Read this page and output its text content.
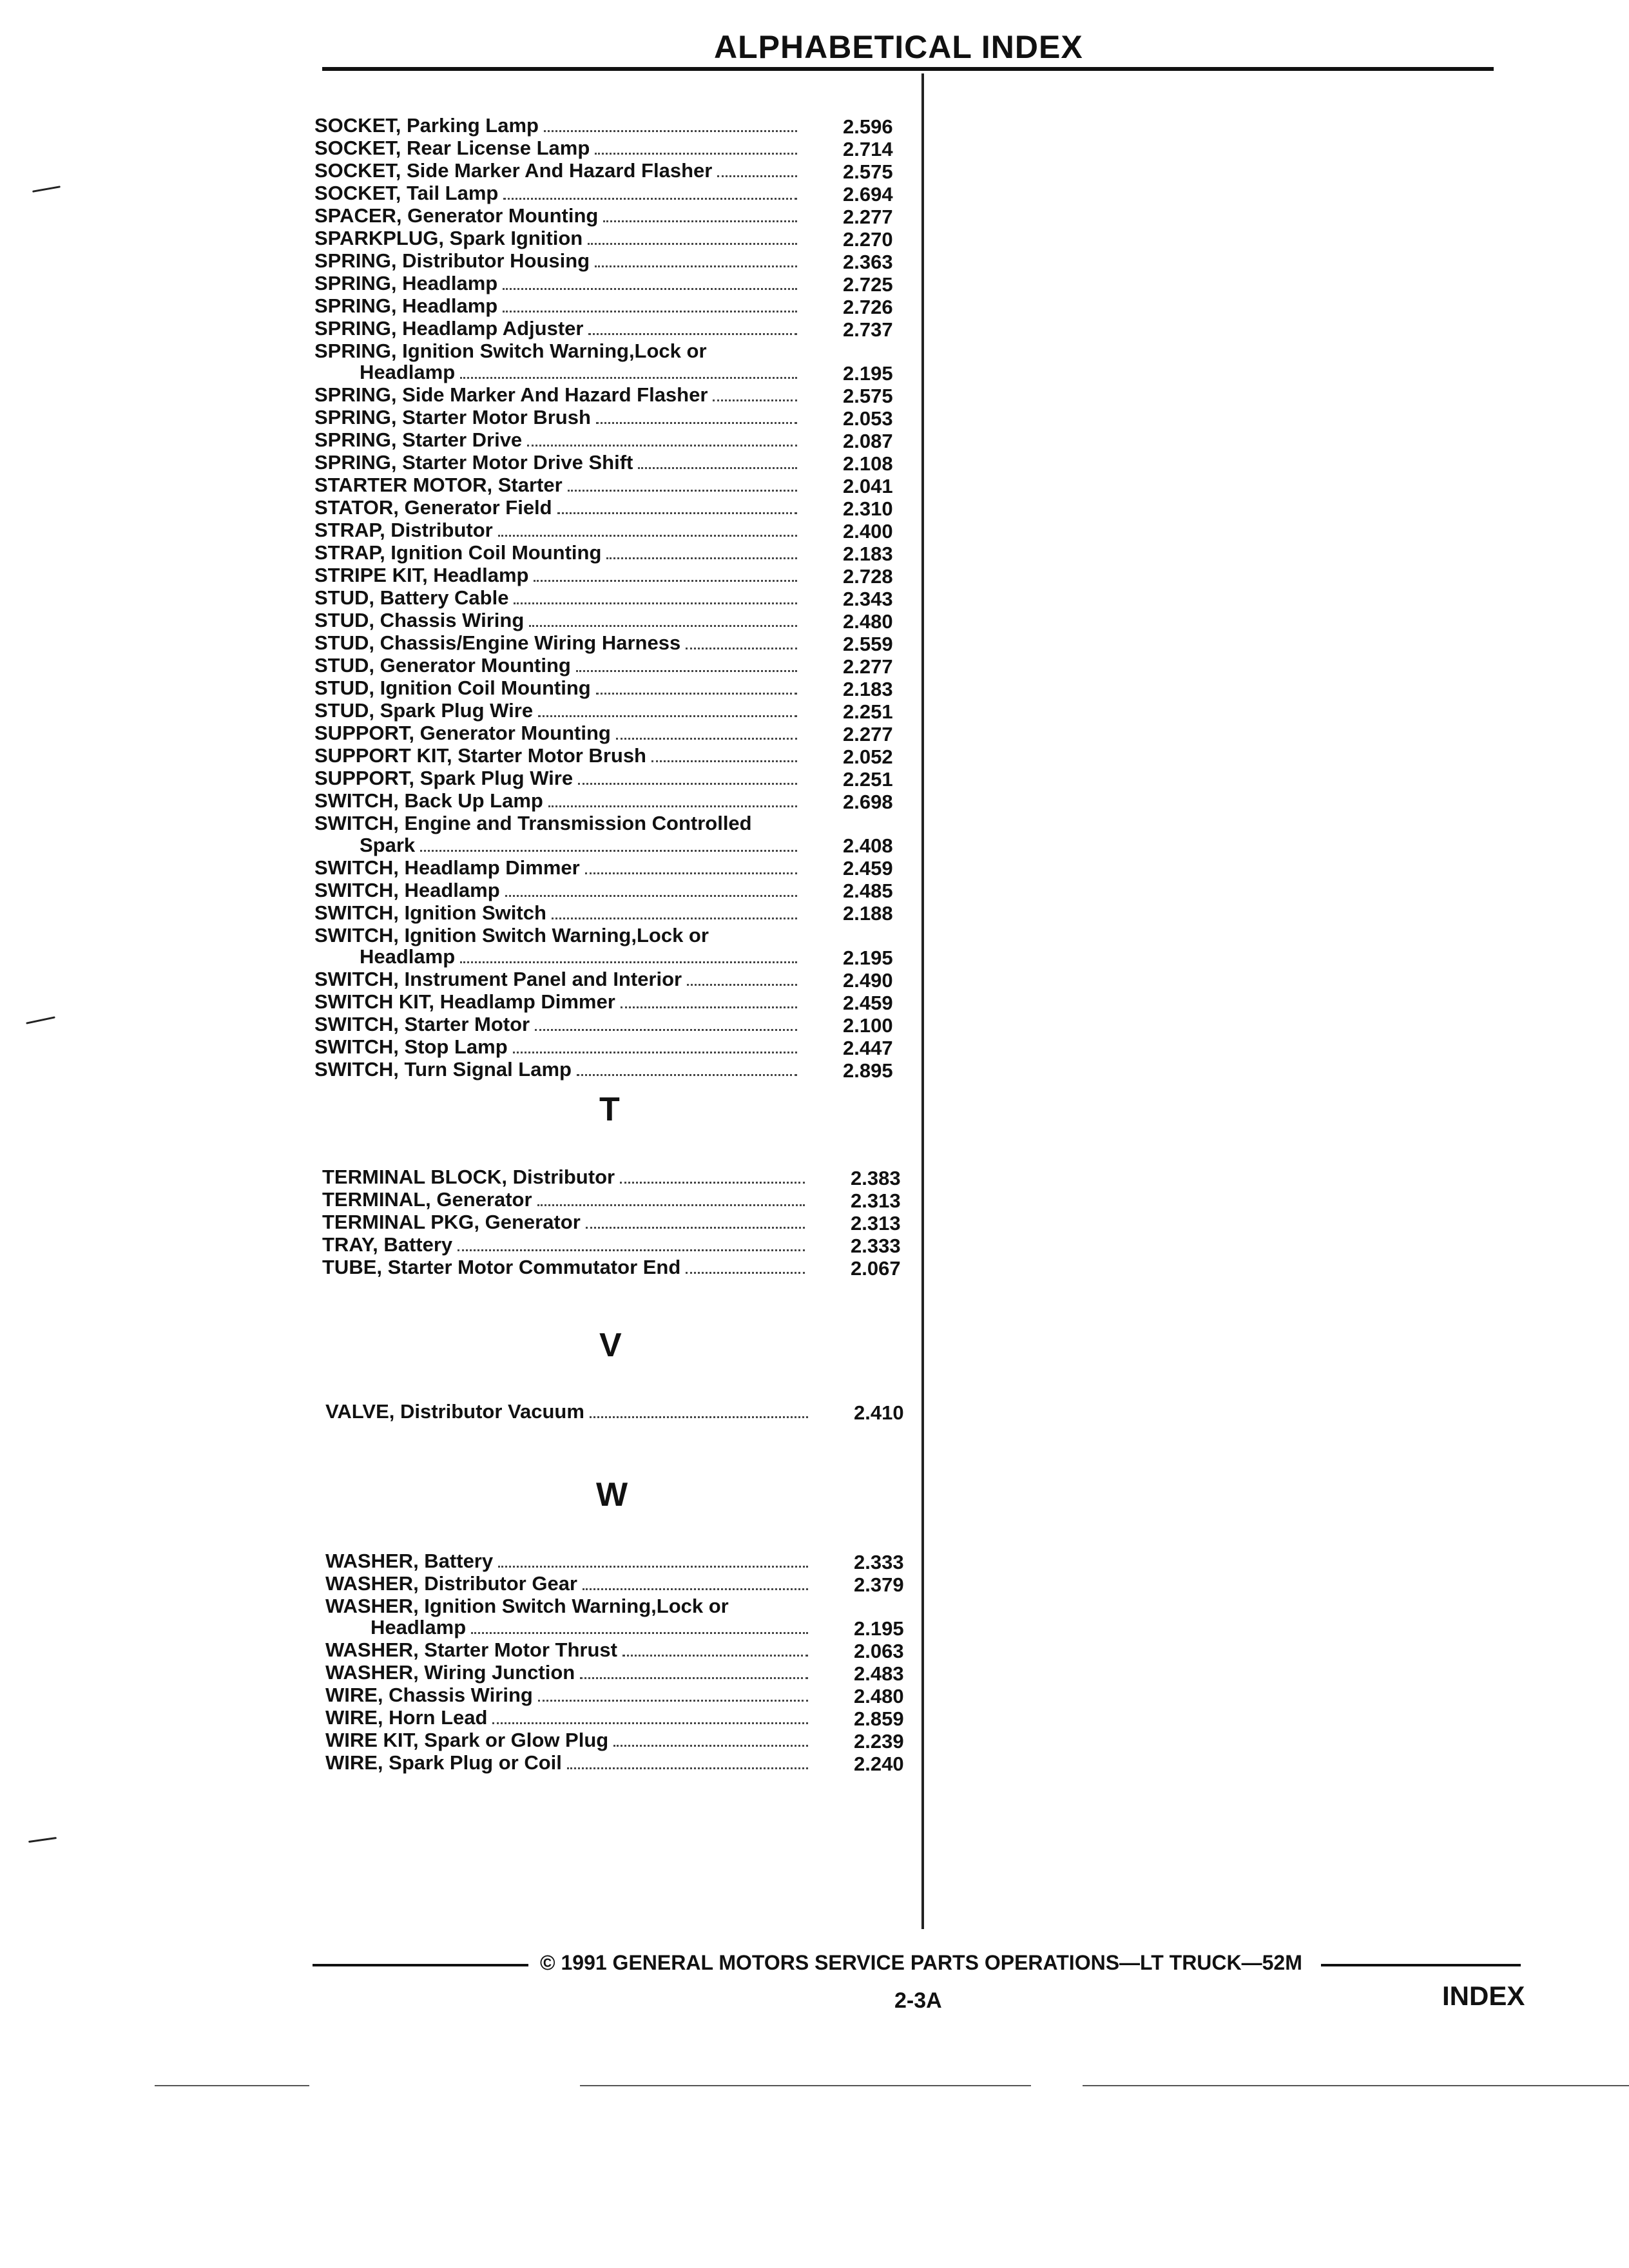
ALPHABETICAL INDEX
SOCKET, Parking Lamp	2.596
SOCKET, Rear License Lamp	2.714
SOCKET, Side Marker And Hazard Flasher	2.575
SOCKET, Tail Lamp	2.694
SPACER, Generator Mounting	2.277
SPARKPLUG, Spark Ignition	2.270
SPRING, Distributor Housing	2.363
SPRING, Headlamp	2.725
SPRING, Headlamp	2.726
SPRING, Headlamp Adjuster	2.737
SPRING, Ignition Switch Warning,Lock or
Headlamp	2.195
SPRING, Side Marker And Hazard Flasher	2.575
SPRING, Starter Motor Brush	2.053
SPRING, Starter Drive	2.087
SPRING, Starter Motor Drive Shift	2.108
STARTER MOTOR, Starter	2.041
STATOR, Generator Field	2.310
STRAP, Distributor	2.400
STRAP, Ignition Coil Mounting	2.183
STRIPE KIT, Headlamp	2.728
STUD, Battery Cable	2.343
STUD, Chassis Wiring	2.480
STUD, Chassis/Engine Wiring Harness	2.559
STUD, Generator Mounting	2.277
STUD, Ignition Coil Mounting	2.183
STUD, Spark Plug Wire	2.251
SUPPORT, Generator Mounting	2.277
SUPPORT KIT, Starter Motor Brush	2.052
SUPPORT, Spark Plug Wire	2.251
SWITCH, Back Up Lamp	2.698
SWITCH, Engine and Transmission Controlled
Spark	2.408
SWITCH, Headlamp Dimmer	2.459
SWITCH, Headlamp	2.485
SWITCH, Ignition Switch	2.188
SWITCH, Ignition Switch Warning,Lock or
Headlamp	2.195
SWITCH, Instrument Panel and Interior	2.490
SWITCH KIT, Headlamp Dimmer	2.459
SWITCH, Starter Motor	2.100
SWITCH, Stop Lamp	2.447
SWITCH, Turn Signal Lamp	2.895
T
TERMINAL BLOCK, Distributor	2.383
TERMINAL, Generator	2.313
TERMINAL PKG, Generator	2.313
TRAY, Battery	2.333
TUBE, Starter Motor Commutator End	2.067
V
VALVE, Distributor Vacuum	2.410
W
WASHER, Battery	2.333
WASHER, Distributor Gear	2.379
WASHER, Ignition Switch Warning,Lock or
Headlamp	2.195
WASHER, Starter Motor Thrust	2.063
WASHER, Wiring Junction	2.483
WIRE, Chassis Wiring	2.480
WIRE, Horn Lead	2.859
WIRE KIT, Spark or Glow Plug	2.239
WIRE, Spark Plug or Coil	2.240
© 1991 GENERAL MOTORS SERVICE PARTS OPERATIONS—LT TRUCK—52M
2-3A	INDEX
